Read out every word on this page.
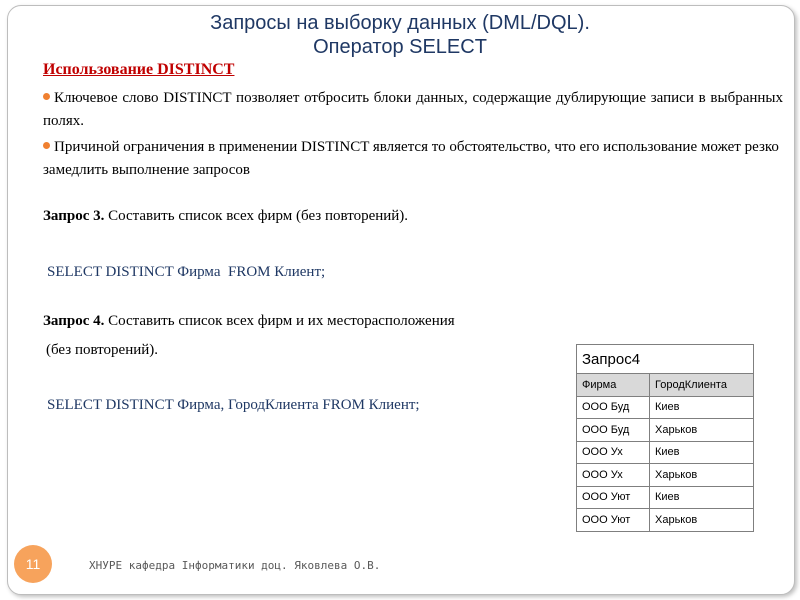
Запросы на выборку данных (DML/DQL).
Оператор SELECT
Использование DISTINCT
Ключевое слово DISTINCT позволяет отбросить блоки данных, содержащие дублирующие записи в выбранных полях.
Причиной ограничения в применении DISTINCT является то обстоятельство, что его использование может резко замедлить выполнение запросов
Запрос 3. Составить список всех фирм (без повторений).
SELECT DISTINCT Фирма  FROM Клиент;
Запрос 4. Составить список всех фирм и их месторасположения
(без повторений).
SELECT DISTINCT Фирма, ГородКлиента FROM Клиент;
Запрос4	
Фирма	ГородКлиента
ООО Буд	Киев
ООО Буд	Харьков
ООО Ух	Киев
ООО Ух	Харьков
ООО Уют	Киев
ООО Уют	Харьков
11	ХНУРЕ кафедра Інформатики доц. Яковлева О.В.
